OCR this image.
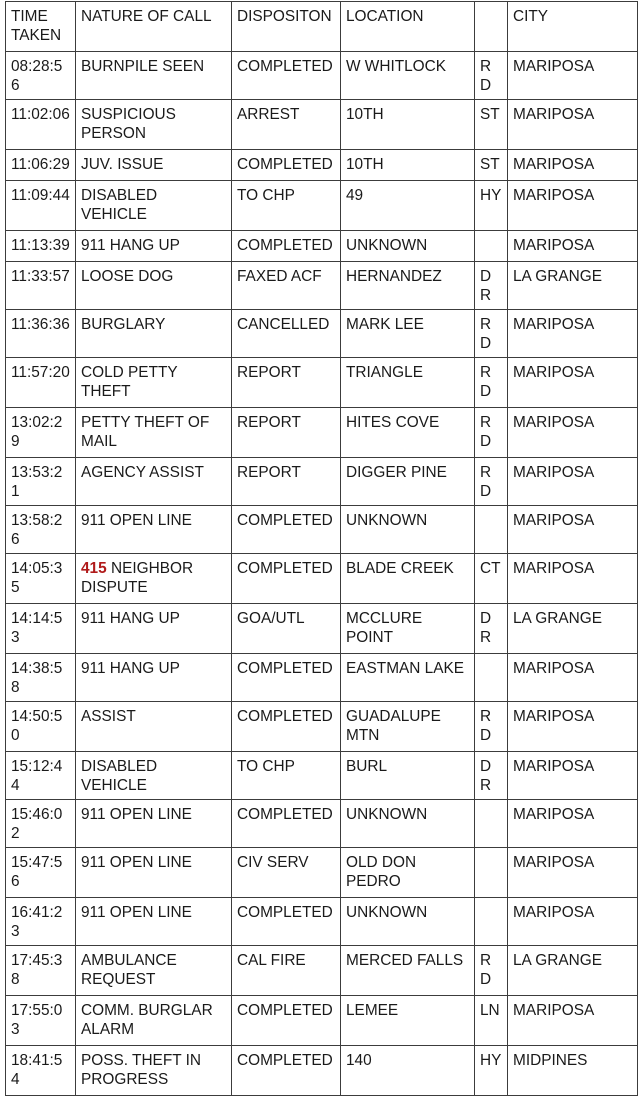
TIME TAKEN	NATURE OF CALL	DISPOSITON	LOCATION		CITY
08:28:56	BURNPILE SEEN	COMPLETED	W WHITLOCK	RD	MARIPOSA
11:02:06	SUSPICIOUS PERSON	ARREST	10TH	ST	MARIPOSA
11:06:29	JUV. ISSUE	COMPLETED	10TH	ST	MARIPOSA
11:09:44	DISABLED VEHICLE	TO CHP	49	HY	MARIPOSA
11:13:39	911 HANG UP	COMPLETED	UNKNOWN		MARIPOSA
11:33:57	LOOSE DOG	FAXED ACF	HERNANDEZ	DR	LA GRANGE
11:36:36	BURGLARY	CANCELLED	MARK LEE	RD	MARIPOSA
11:57:20	COLD PETTY THEFT	REPORT	TRIANGLE	RD	MARIPOSA
13:02:29	PETTY THEFT OF MAIL	REPORT	HITES COVE	RD	MARIPOSA
13:53:21	AGENCY ASSIST	REPORT	DIGGER PINE	RD	MARIPOSA
13:58:26	911 OPEN LINE	COMPLETED	UNKNOWN		MARIPOSA
14:05:35	415 NEIGHBOR DISPUTE	COMPLETED	BLADE CREEK	CT	MARIPOSA
14:14:53	911 HANG UP	GOA/UTL	MCCLURE POINT	DR	LA GRANGE
14:38:58	911 HANG UP	COMPLETED	EASTMAN LAKE		MARIPOSA
14:50:50	ASSIST	COMPLETED	GUADALUPE MTN	RD	MARIPOSA
15:12:44	DISABLED VEHICLE	TO CHP	BURL	DR	MARIPOSA
15:46:02	911 OPEN LINE	COMPLETED	UNKNOWN		MARIPOSA
15:47:56	911 OPEN LINE	CIV SERV	OLD DON PEDRO		MARIPOSA
16:41:23	911 OPEN LINE	COMPLETED	UNKNOWN		MARIPOSA
17:45:38	AMBULANCE REQUEST	CAL FIRE	MERCED FALLS	RD	LA GRANGE
17:55:03	COMM. BURGLAR ALARM	COMPLETED	LEMEE	LN	MARIPOSA
18:41:54	POSS. THEFT IN PROGRESS	COMPLETED	140	HY	MIDPINES
